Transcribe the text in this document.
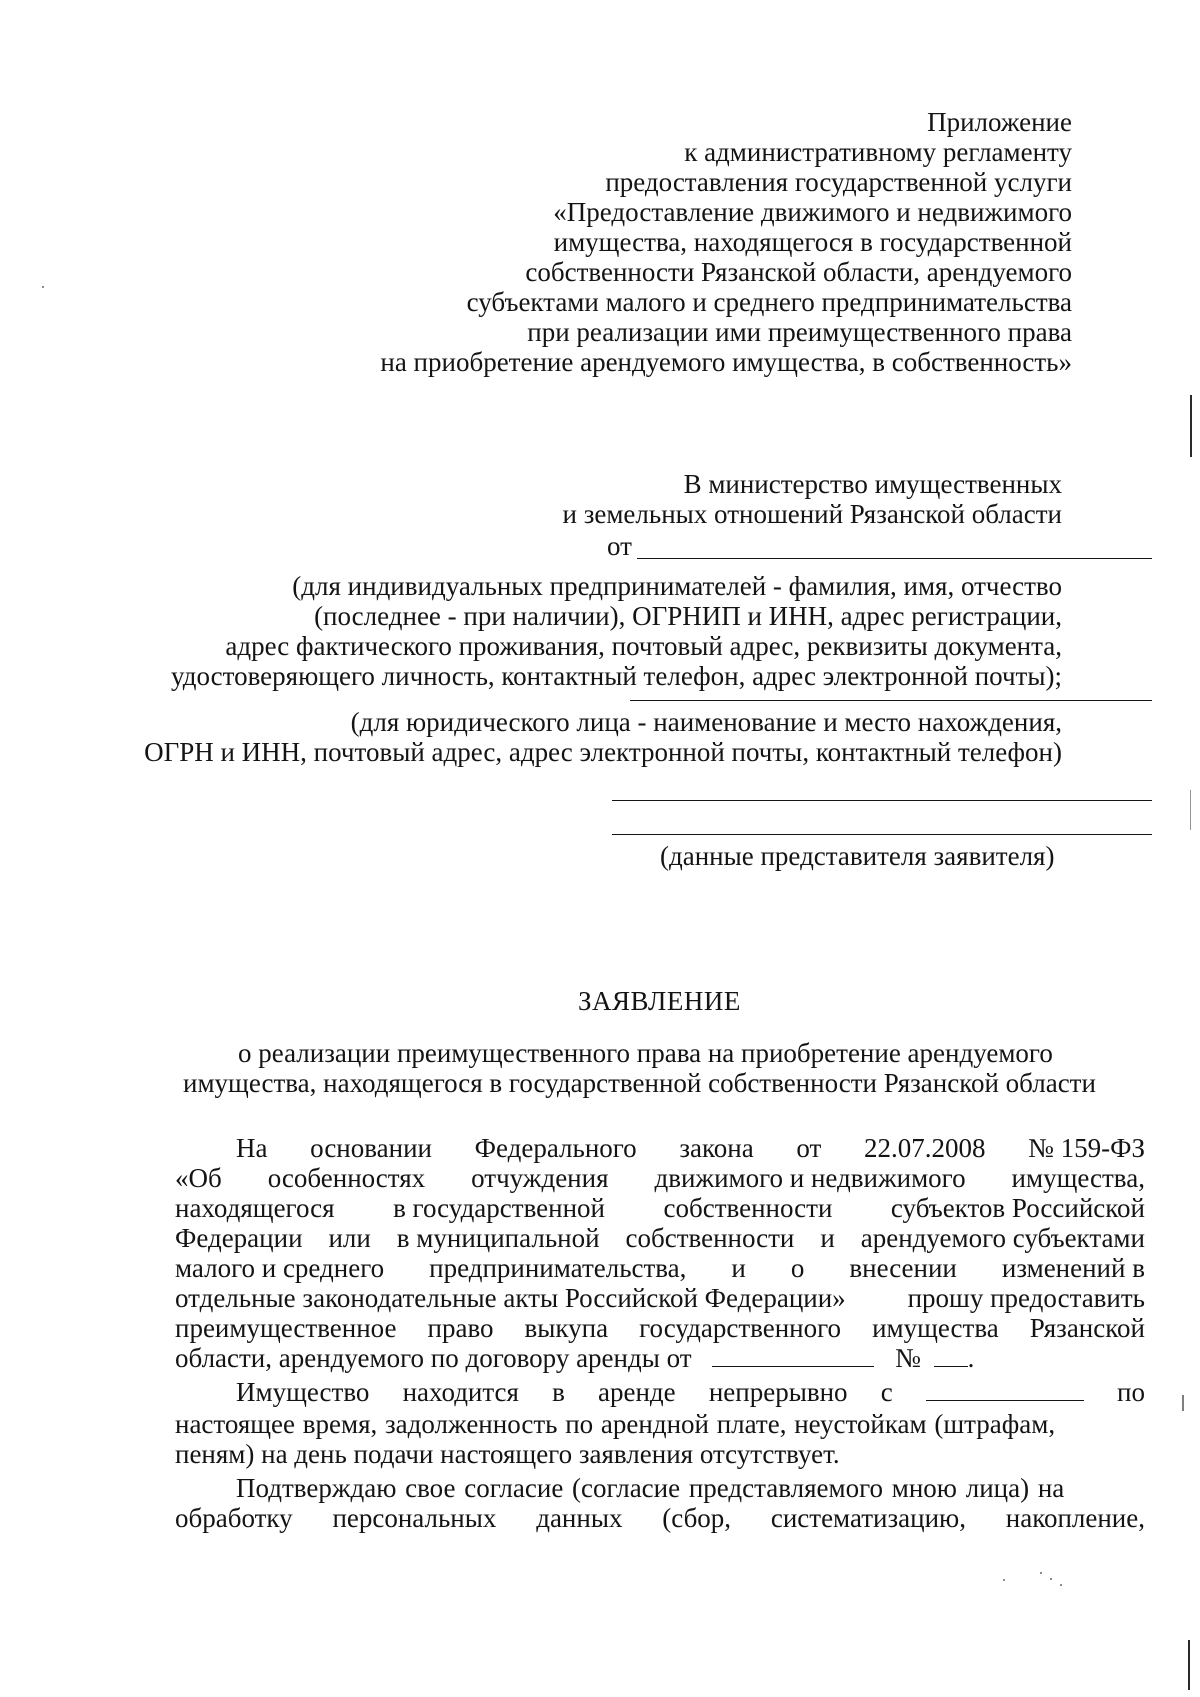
Приложение
к административному регламенту
предоставления государственной услуги
«Предоставление движимого и недвижимого
имущества, находящегося в государственной
собственности Рязанской области, арендуемого
субъектами малого и среднего предпринимательства
при реализации ими преимущественного права
на приобретение арендуемого имущества, в собственность»
В министерство имущественных
и земельных отношений Рязанской области
от
(для индивидуальных предпринимателей - фамилия, имя, отчество
(последнее - при наличии), ОГРНИП и ИНН, адрес регистрации,
адрес фактического проживания, почтовый адрес, реквизиты документа,
удостоверяющего личность, контактный телефон, адрес электронной почты);
(для юридического лица - наименование и место нахождения,
ОГРН и ИНН, почтовый адрес, адрес электронной почты, контактный телефон)
(данные представителя заявителя)
ЗАЯВЛЕНИЕ
о реализации преимущественного права на приобретение арендуемого
имущества, находящегося в государственной собственности Рязанской области
На основании Федерального закона от 22.07.2008 № 159-ФЗ
«Об особенностях отчуждения движимого и недвижимого имущества,
находящегося в государственной собственности субъектов Российской
Федерации или в муниципальной собственности и арендуемого субъектами
малого и среднего предпринимательства, и о внесении изменений в
отдельные законодательные акты Российской Федерации» прошу предоставить
преимущественное право выкупа государственного имущества Рязанской
области, арендуемого по договору аренды от	№ .
Имущество находится в аренде непрерывно с	по
настоящее время, задолженность по арендной плате, неустойкам (штрафам,
пеням) на день подачи настоящего заявления отсутствует.
Подтверждаю свое согласие (согласие представляемого мною лица) на
обработку персональных данных (сбор, систематизацию, накопление,
